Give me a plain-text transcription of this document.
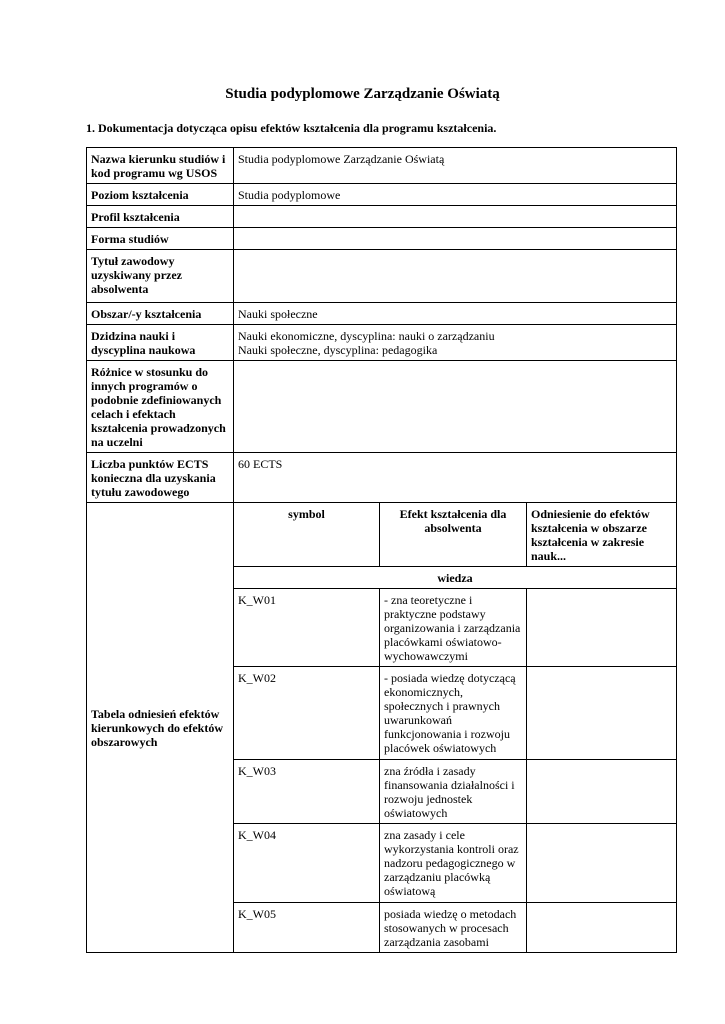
Studia podyplomowe Zarządzanie Oświatą
1. Dokumentacja dotycząca opisu efektów kształcenia dla programu kształcenia.
Nazwa kierunku studiów i kod programu wg USOS	Studia podyplomowe Zarządzanie Oświatą		
Poziom kształcenia	Studia podyplomowe		
Profil kształcenia			
Forma studiów			
Tytuł zawodowy uzyskiwany przez absolwenta			
Obszar/-y kształcenia	Nauki społeczne		
Dzidzina nauki i dyscyplina naukowa	Nauki ekonomiczne, dyscyplina: nauki o zarządzaniu
Nauki społeczne, dyscyplina: pedagogika		

Różnice w stosunku do innych programów o podobnie zdefiniowanych celach i efektach kształcenia prowadzonych na uczelni			
Liczba punktów ECTS konieczna dla uzyskania tytułu zawodowego	60 ECTS		
Tabela odniesień efektów kierunkowych do efektów obszarowych	symbol	Efekt kształcenia dla absolwenta	Odniesienie do efektów kształcenia w obszarze kształcenia w zakresie nauk...
	wiedza		
	K_W01	- zna teoretyczne i praktyczne podstawy organizowania i zarządzania placówkami oświatowo-wychowawczymi	
	K_W02	- posiada wiedzę dotyczącą ekonomicznych, społecznych i prawnych uwarunkowań funkcjonowania i rozwoju placówek oświatowych	
	K_W03	zna źródła i zasady finansowania działalności i rozwoju jednostek oświatowych	
	K_W04	zna zasady i cele wykorzystania kontroli oraz nadzoru pedagogicznego w zarządzaniu placówką oświatową	
	K_W05	posiada wiedzę o metodach stosowanych w procesach zarządzania zasobami	
